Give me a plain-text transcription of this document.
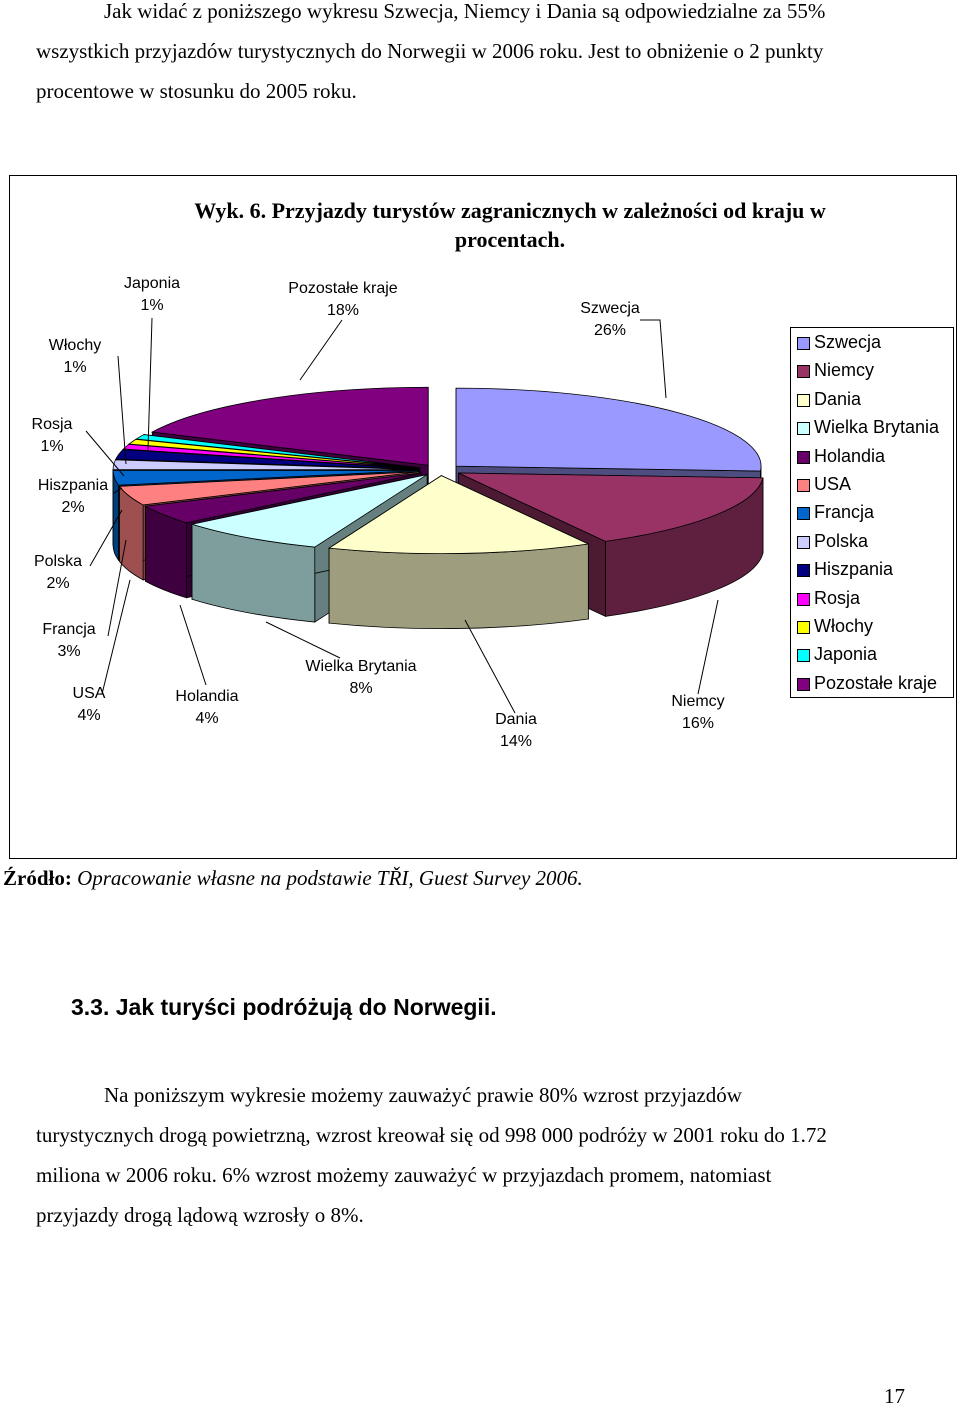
Jak widać z poniższego wykresu Szwecja, Niemcy i Dania są odpowiedzialne za 55%
wszystkich przyjazdów turystycznych do Norwegii w 2006 roku. Jest to obniżenie o 2 punkty
procentowe w stosunku do 2005 roku.
Wyk. 6. Przyjazdy turystów zagranicznych w zależności od kraju w
procentach.
Japonia
1%
Włochy
1%
Rosja
1%
Hiszpania
2%
Polska
2%
Francja
3%
USA
4%
Holandia
4%
Wielka Brytania
8%
Dania
14%
Niemcy
16%
Szwecja
26%
Pozostałe kraje
18%
Szwecja
Niemcy
Dania
Wielka Brytania
Holandia
USA
Francja
Polska
Hiszpania
Rosja
Włochy
Japonia
Pozostałe kraje
Źródło: Opracowanie własne na podstawie TŘI, Guest Survey 2006.
3.3. Jak turyści podróżują do Norwegii.
Na poniższym wykresie możemy zauważyć prawie 80% wzrost przyjazdów
turystycznych drogą powietrzną, wzrost kreował się od 998 000 podróży w 2001 roku do 1.72
miliona w 2006 roku. 6% wzrost możemy zauważyć w przyjazdach promem, natomiast
przyjazdy drogą lądową wzrosły o 8%.
17
